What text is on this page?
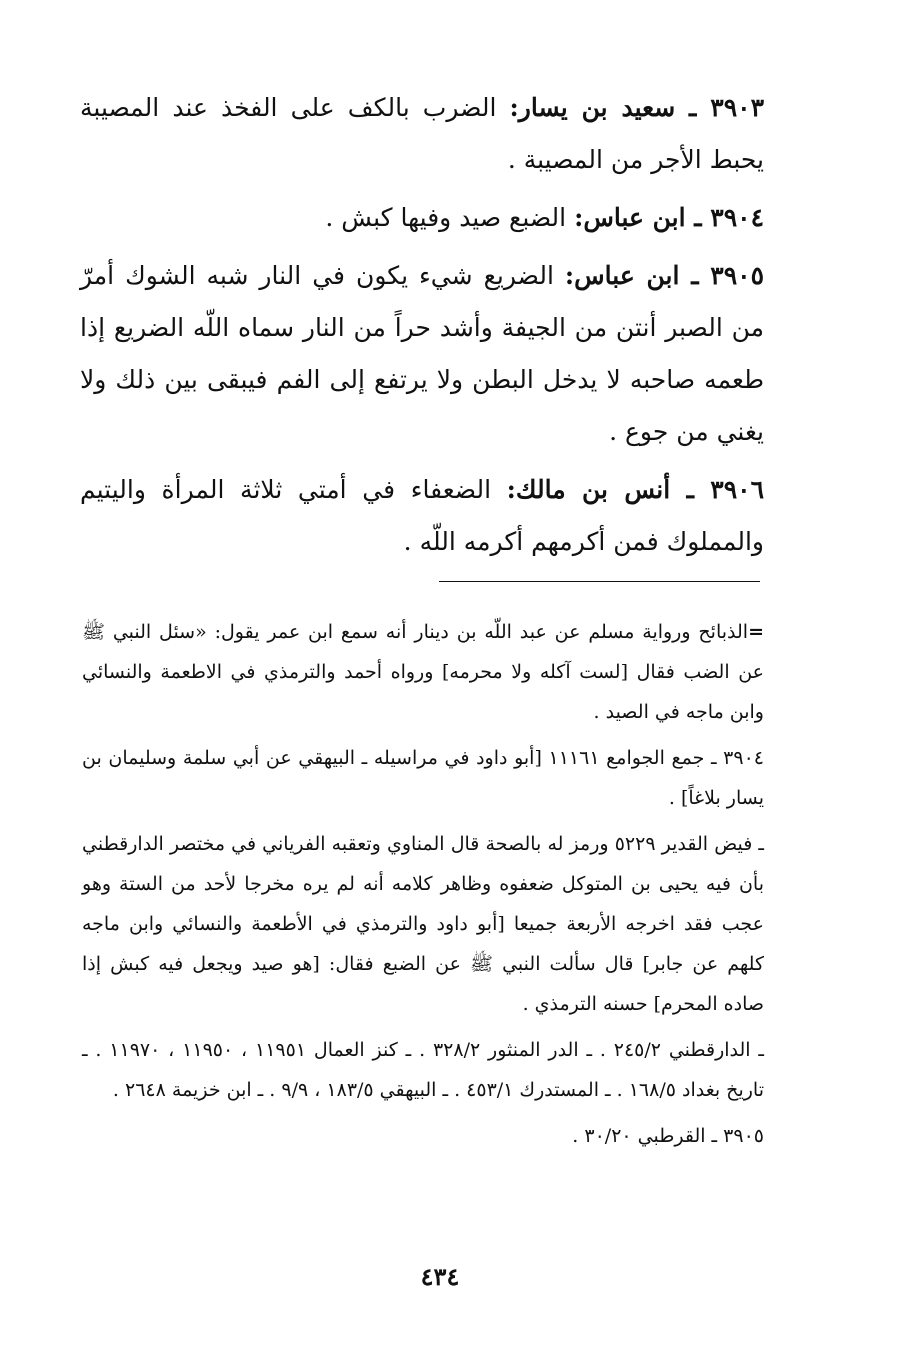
٣٩٠٣ ـ سعيد بن يسار: الضرب بالكف على الفخذ عند المصيبة يحبط الأجر من المصيبة .

٣٩٠٤ ـ ابن عباس: الضبع صيد وفيها كبش .

٣٩٠٥ ـ ابن عباس: الضريع شيء يكون في النار شبه الشوك أمرّ من الصبر أنتن من الجيفة وأشد حراً من النار سماه اللّه الضريع إذا طعمه صاحبه لا يدخل البطن ولا يرتفع إلى الفم فيبقى بين ذلك ولا يغني من جوع .

٣٩٠٦ ـ أنس بن مالك: الضعفاء في أمتي ثلاثة المرأة واليتيم والمملوك فمن أكرمهم أكرمه اللّه .

=الذبائح ورواية مسلم عن عبد اللّه بن دينار أنه سمع ابن عمر يقول: «سئل النبي ﷺ عن الضب فقال [لست آكله ولا محرمه] ورواه أحمد والترمذي في الاطعمة والنسائي وابن ماجه في الصيد .

٣٩٠٤ ـ جمع الجوامع ١١١٦١ [أبو داود في مراسيله ـ البيهقي عن أبي سلمة وسليمان بن يسار بلاغاً] .

ـ فيض القدير ٥٢٢٩ ورمز له بالصحة قال المناوي وتعقبه الفرياني في مختصر الدارقطني بأن فيه يحيى بن المتوكل ضعفوه وظاهر كلامه أنه لم يره مخرجا لأحد من الستة وهو عجب فقد اخرجه الأربعة جميعا [أبو داود والترمذي في الأطعمة والنسائي وابن ماجه كلهم عن جابر] قال سألت النبي ﷺ عن الضبع فقال: [هو صيد ويجعل فيه كبش إذا صاده المحرم] حسنه الترمذي .

ـ الدارقطني ٢٤٥/٢ . ـ الدر المنثور ٣٢٨/٢ . ـ كنز العمال ١١٩٥١ ، ١١٩٥٠ ، ١١٩٧٠ . ـ تاريخ بغداد ١٦٨/٥ . ـ المستدرك ٤٥٣/١ . ـ البيهقي ١٨٣/٥ ، ٩/٩ . ـ ابن خزيمة ٢٦٤٨ .

٣٩٠٥ ـ القرطبي ٣٠/٢٠ .

٤٣٤
